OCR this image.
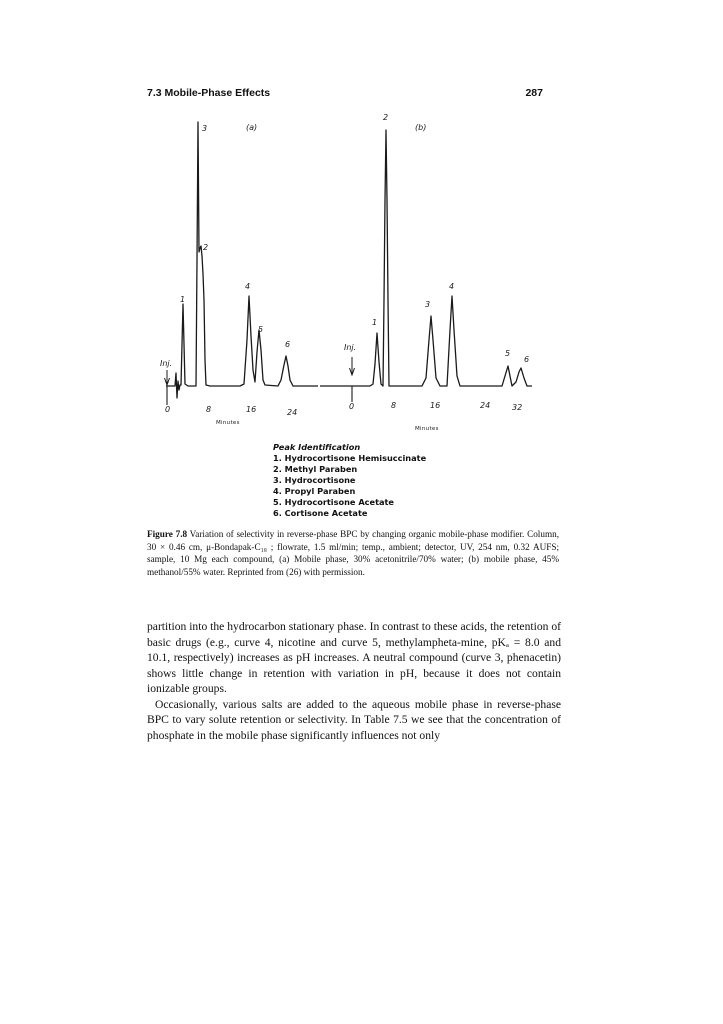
7.3 Mobile-Phase Effects	287
(a)
Inj.
1
2
3
4
5
6
0	8	16	24
Minutes
(b)
Inj.
1
2
3
4
5
6
0	8	16	24	32
Minutes
Peak Identification
1. Hydrocortisone Hemisuccinate
2. Methyl Paraben
3. Hydrocortisone
4. Propyl Paraben
5. Hydrocortisone Acetate
6. Cortisone Acetate
Figure 7.8 Variation of selectivity in reverse-phase BPC by changing organic mobile-phase modifier. Column, 30 × 0.46 cm, μ-Bondapak-C₁₈ ; flowrate, 1.5 ml/min; temp., ambient; detector, UV, 254 nm, 0.32 AUFS; sample, 10 Mg each compound, (a) Mobile phase, 30% acetonitrile/70% water; (b) mobile phase, 45% methanol/55% water. Reprinted from (26) with permission.

partition into the hydrocarbon stationary phase. In contrast to these acids, the retention of basic drugs (e.g., curve 4, nicotine and curve 5, methylampheta-mine, pKₐ = 8.0 and 10.1, respectively) increases as pH increases. A neutral compound (curve 3, phenacetin) shows little change in retention with variation in pH, because it does not contain ionizable groups.

Occasionally, various salts are added to the aqueous mobile phase in reverse-phase BPC to vary solute retention or selectivity. In Table 7.5 we see that the concentration of phosphate in the mobile phase significantly influences not only
